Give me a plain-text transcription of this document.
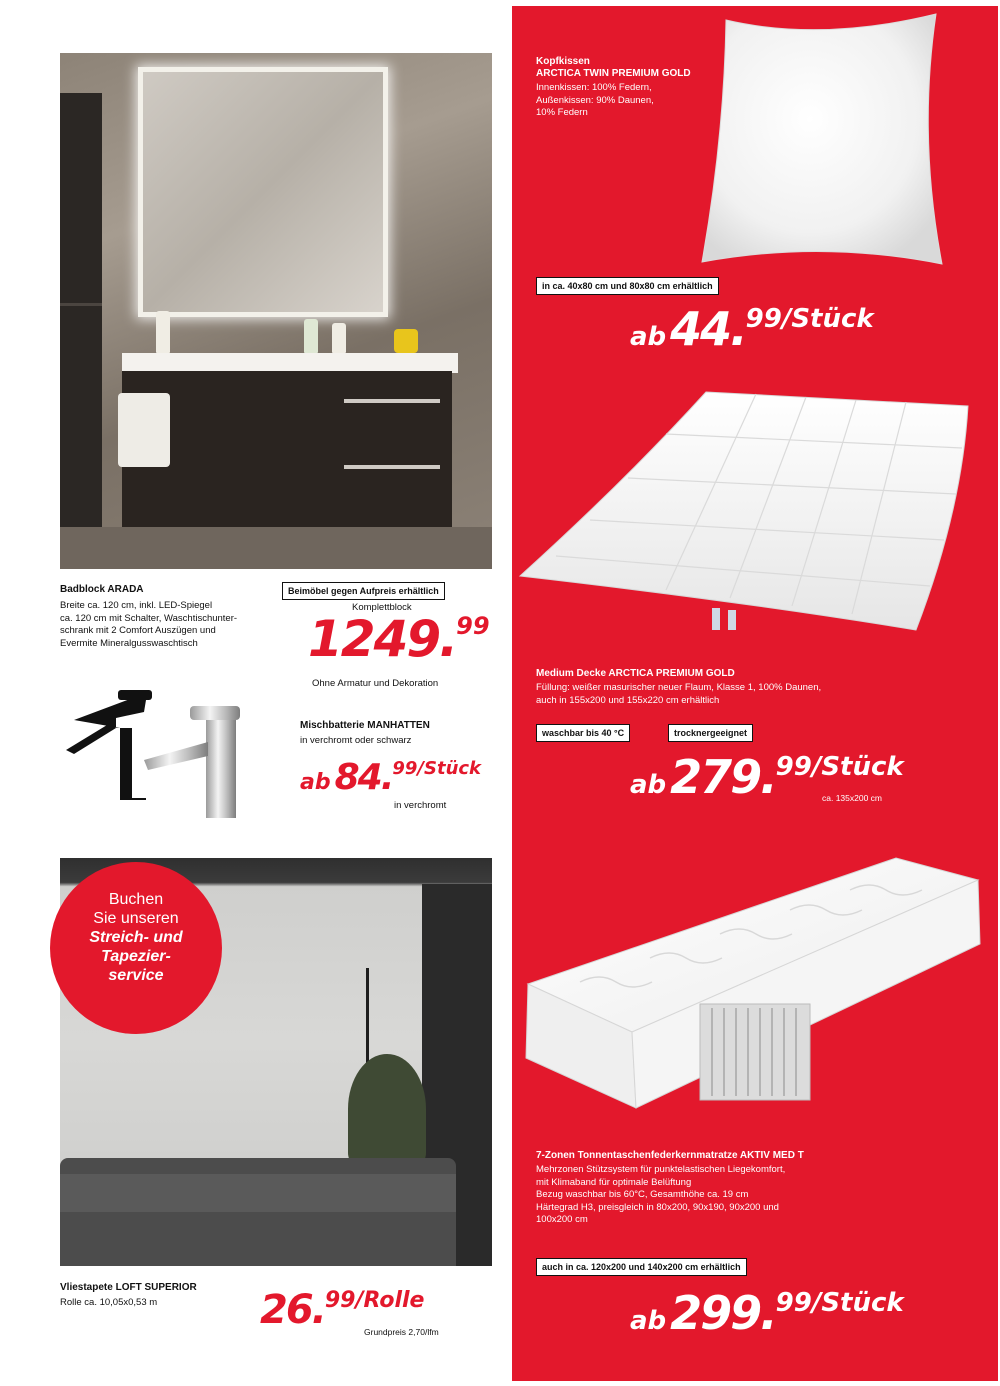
Badblock ARADA
Breite ca. 120 cm, inkl. LED-Spiegel
ca. 120 cm mit Schalter, Waschtischunter-
schrank mit 2 Comfort Auszügen und
Evermite Mineralgusswaschtisch
Beimöbel gegen Aufpreis erhältlich
Komplettblock
1249.99
Ohne Armatur und Dekoration
Mischbatterie MANHATTEN
in verchromt oder schwarz
ab 84.99/Stück
in verchromt
Buchen
Sie unseren
Streich- und
Tapezier-
service
Vliestapete LOFT SUPERIOR
Rolle ca. 10,05x0,53 m	26.99/Rolle
Grundpreis 2,70/lfm
Kopfkissen
ARCTICA TWIN PREMIUM GOLD
Innenkissen: 100% Federn,
Außenkissen: 90% Daunen,
10% Federn
in ca. 40x80 cm und 80x80 cm erhältlich
ab44.99/Stück
Medium Decke ARCTICA PREMIUM GOLD
Füllung: weißer masurischer neuer Flaum, Klasse 1, 100% Daunen,
auch in 155x200 und 155x220 cm erhältlich
waschbar bis 40 °C	trocknergeeignet
ab279.99/Stück
ca. 135x200 cm
7-Zonen Tonnentaschenfederkernmatratze AKTIV MED T
Mehrzonen Stützsystem für punktelastischen Liegekomfort,
mit Klimaband für optimale Belüftung
Bezug waschbar bis 60°C, Gesamthöhe ca. 19 cm
Härtegrad H3, preisgleich in 80x200, 90x190, 90x200 und
100x200 cm
auch in ca. 120x200 und 140x200 cm erhältlich
ab299.99/Stück
